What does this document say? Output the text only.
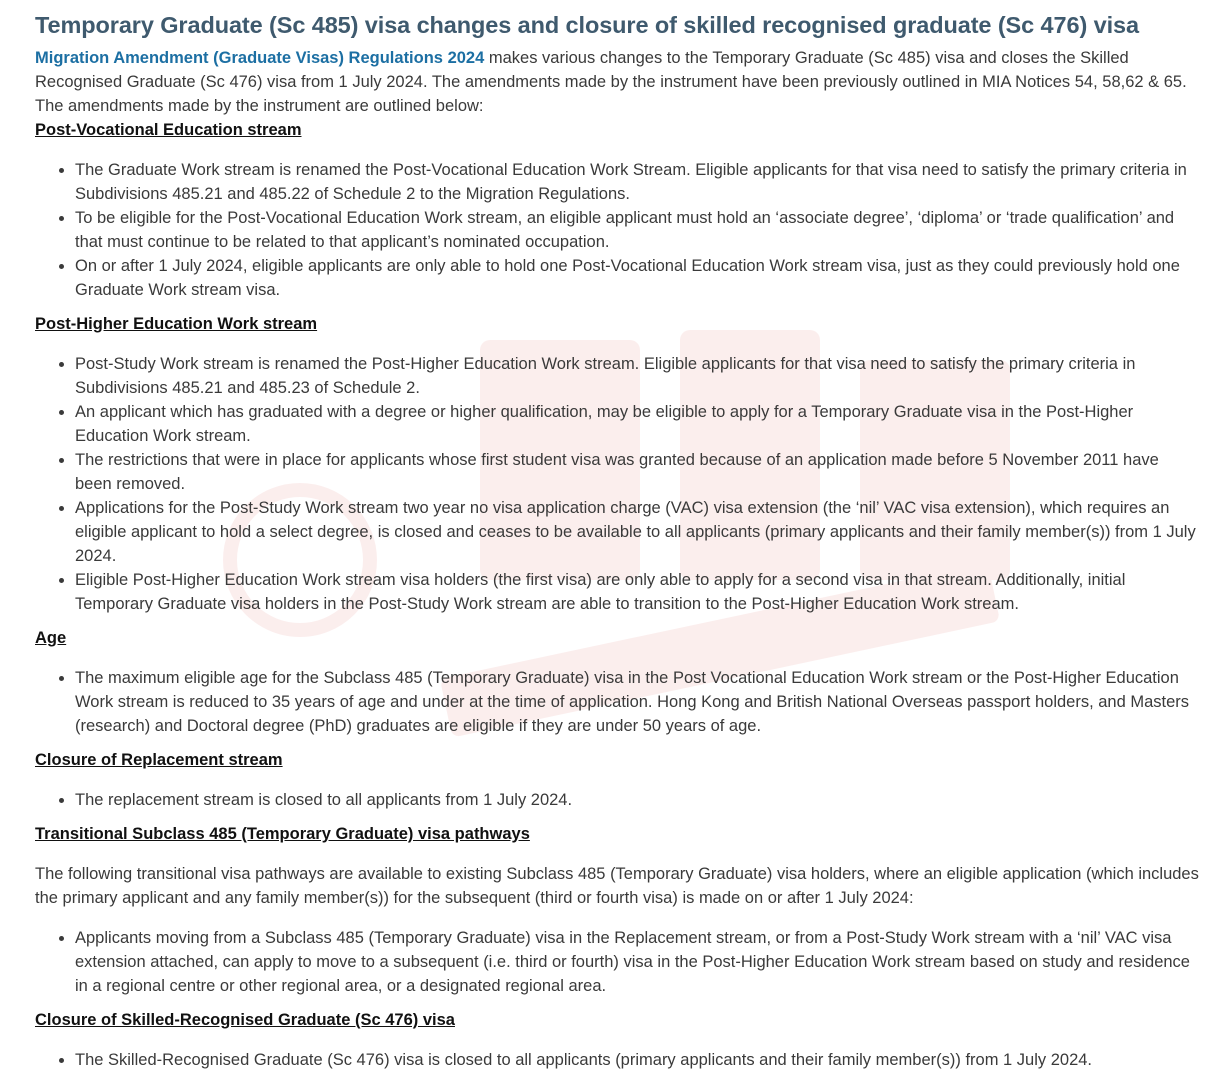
Temporary Graduate (Sc 485) visa changes and closure of skilled recognised graduate (Sc 476) visa

Migration Amendment (Graduate Visas) Regulations 2024 makes various changes to the Temporary Graduate (Sc 485) visa and closes the Skilled Recognised Graduate (Sc 476) visa from 1 July 2024. The amendments made by the instrument have been previously outlined in MIA Notices 54, 58,62 & 65.

The amendments made by the instrument are outlined below:

Post-Vocational Education stream
• The Graduate Work stream is renamed the Post-Vocational Education Work Stream. Eligible applicants for that visa need to satisfy the primary criteria in Subdivisions 485.21 and 485.22 of Schedule 2 to the Migration Regulations.
• To be eligible for the Post-Vocational Education Work stream, an eligible applicant must hold an ‘associate degree’, ‘diploma’ or ‘trade qualification’ and that must continue to be related to that applicant’s nominated occupation.
• On or after 1 July 2024, eligible applicants are only able to hold one Post-Vocational Education Work stream visa, just as they could previously hold one Graduate Work stream visa.
Post-Higher Education Work stream
• Post-Study Work stream is renamed the Post-Higher Education Work stream. Eligible applicants for that visa need to satisfy the primary criteria in Subdivisions 485.21 and 485.23 of Schedule 2.
• An applicant which has graduated with a degree or higher qualification, may be eligible to apply for a Temporary Graduate visa in the Post-Higher Education Work stream.
• The restrictions that were in place for applicants whose first student visa was granted because of an application made before 5 November 2011 have been removed.
• Applications for the Post-Study Work stream two year no visa application charge (VAC) visa extension (the ‘nil’ VAC visa extension), which requires an eligible applicant to hold a select degree, is closed and ceases to be available to all applicants (primary applicants and their family member(s)) from 1 July 2024.
• Eligible Post-Higher Education Work stream visa holders (the first visa) are only able to apply for a second visa in that stream. Additionally, initial Temporary Graduate visa holders in the Post-Study Work stream are able to transition to the Post-Higher Education Work stream.
Age
• The maximum eligible age for the Subclass 485 (Temporary Graduate) visa in the Post Vocational Education Work stream or the Post-Higher Education Work stream is reduced to 35 years of age and under at the time of application. Hong Kong and British National Overseas passport holders, and Masters (research) and Doctoral degree (PhD) graduates are eligible if they are under 50 years of age.
Closure of Replacement stream
• The replacement stream is closed to all applicants from 1 July 2024.
Transitional Subclass 485 (Temporary Graduate) visa pathways

The following transitional visa pathways are available to existing Subclass 485 (Temporary Graduate) visa holders, where an eligible application (which includes the primary applicant and any family member(s)) for the subsequent (third or fourth visa) is made on or after 1 July 2024:

• Applicants moving from a Subclass 485 (Temporary Graduate) visa in the Replacement stream, or from a Post-Study Work stream with a ‘nil’ VAC visa extension attached, can apply to move to a subsequent (i.e. third or fourth) visa in the Post-Higher Education Work stream based on study and residence in a regional centre or other regional area, or a designated regional area.
Closure of Skilled-Recognised Graduate (Sc 476) visa
• The Skilled-Recognised Graduate (Sc 476) visa is closed to all applicants (primary applicants and their family member(s)) from 1 July 2024.
